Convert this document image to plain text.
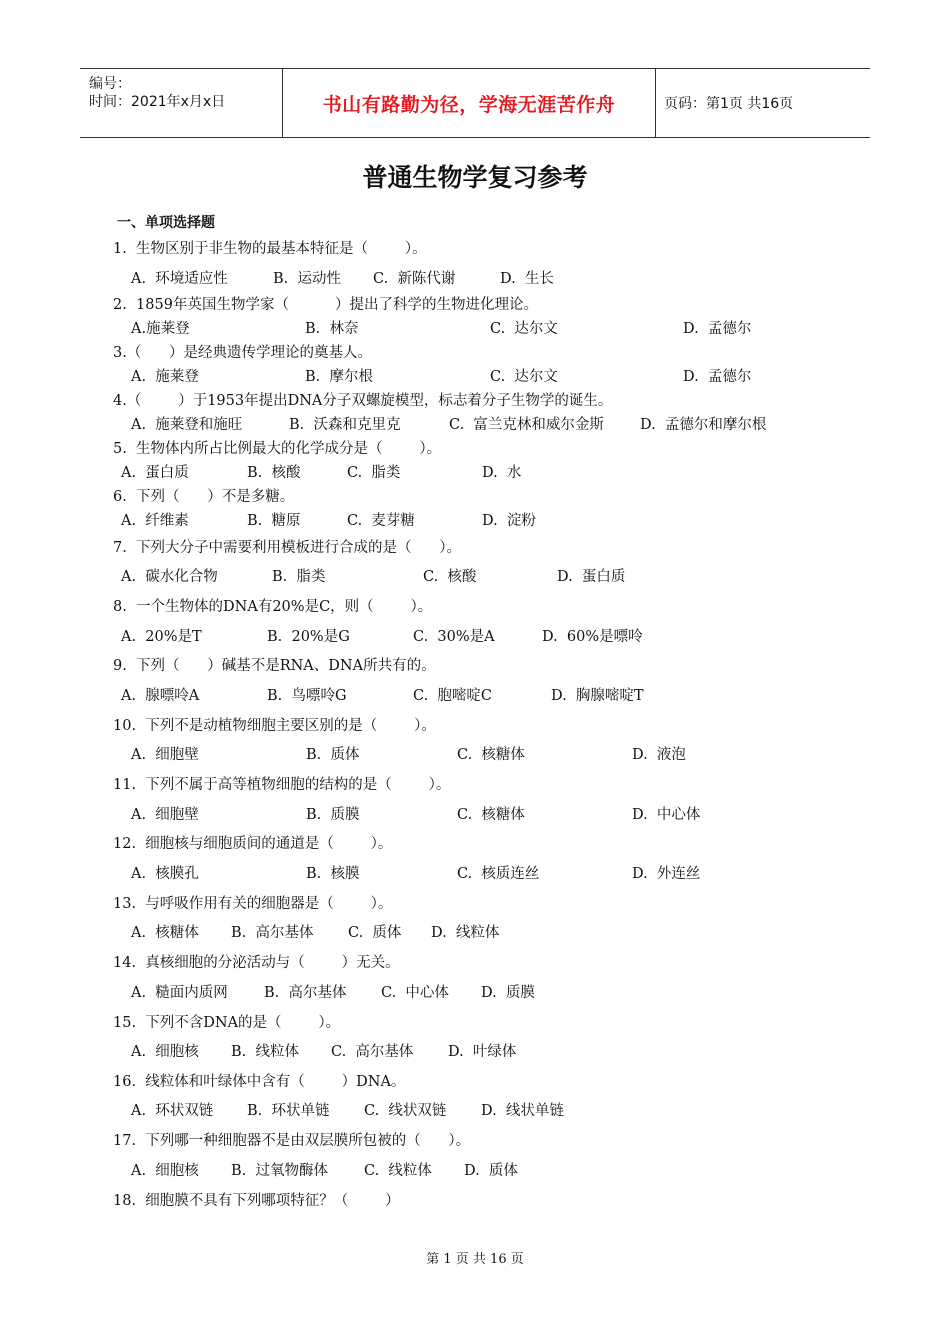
编号：
时间：2021年x月x日	书山有路勤为径，学海无涯苦作舟	页码：第1页 共16页
普通生物学复习参考
一、单项选择题
1.  生物区别于非生物的最基本特征是（        ）。
A.  环境适应性	B.  运动性 C.  新陈代谢	D.  生长
2.  1859年英国生物学家（          ）提出了科学的生物进化理论。
A.施莱登	B.  林奈	C.  达尔文	D.  孟德尔
3.（      ）是经典遗传学理论的奠基人。
A.  施莱登	B.  摩尔根	C.  达尔文	D.  孟德尔
4.（        ）于1953年提出DNA分子双螺旋模型，标志着分子生物学的诞生。
A.  施莱登和施旺	B.  沃森和克里克	C.  富兰克林和威尔金斯 D.  孟德尔和摩尔根
5.  生物体内所占比例最大的化学成分是（        ）。
A.  蛋白质	B.  核酸	C.  脂类	D.  水
6.  下列（      ）不是多糖。
A.  纤维素	B.  糖原	C.  麦芽糖	D.  淀粉
7.  下列大分子中需要利用模板进行合成的是（      ）。
A.  碳水化合物	B.  脂类	C.  核酸	D.  蛋白质
8.  一个生物体的DNA有20%是C，则（        ）。
A.  20%是T	B.  20%是G	C.  30%是A	D.  60%是嘌呤
9.  下列（      ）碱基不是RNA、DNA所共有的。
A.  腺嘌呤A	B.  鸟嘌呤G	C.  胞嘧啶C	D.  胸腺嘧啶T
10.  下列不是动植物细胞主要区别的是（        ）。
A.  细胞壁	B.  质体	C.  核糖体	D.  液泡
11.  下列不属于高等植物细胞的结构的是（        ）。
A.  细胞壁	B.  质膜	C.  核糖体	D.  中心体
12.  细胞核与细胞质间的通道是（        ）。
A.  核膜孔	B.  核膜	C.  核质连丝	D.  外连丝
13.  与呼吸作用有关的细胞器是（        ）。
A.  核糖体 B.  高尔基体 C.  质体 D.  线粒体
14.  真核细胞的分泌活动与（        ）无关。
A.  糙面内质网 B.  高尔基体 C.  中心体 D.  质膜
15.  下列不含DNA的是（        ）。
A.  细胞核 B.  线粒体 C.  高尔基体 D.  叶绿体
16.  线粒体和叶绿体中含有（        ）DNA。
A.  环状双链 B.  环状单链 C.  线状双链 D.  线状单链
17.  下列哪一种细胞器不是由双层膜所包被的（      ）。
A.  细胞核 B.  过氧物酶体 C.  线粒体 D.  质体
18.  细胞膜不具有下列哪项特征？（        ）
第 1 页 共 16 页
